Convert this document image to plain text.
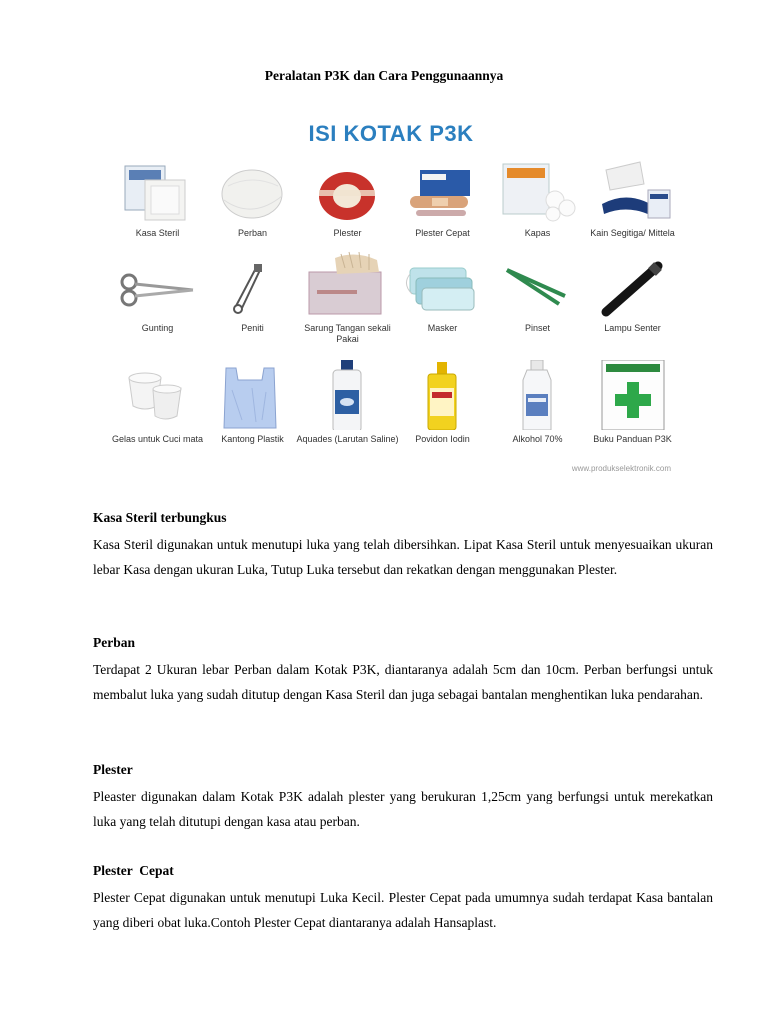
Peralatan P3K dan Cara Penggunaannya
ISI KOTAK P3K
Kasa Steril	Perban	Plester	Plester Cepat	Kapas	Kain Segitiga/ Mittela
Gunting	Peniti	Sarung Tangan sekali Pakai
Masker	Pinset	Lampu Senter
Gelas untuk Cuci mata	Kantong Plastik	Aquades (Larutan Saline)	Povidon Iodin	Alkohol 70%	Buku Panduan P3K
www.produkselektronik.com
Kasa Steril terbungkus

Kasa Steril digunakan untuk menutupi luka yang telah dibersihkan. Lipat Kasa Steril untuk menyesuaikan ukuran lebar Kasa dengan ukuran Luka, Tutup Luka tersebut dan rekatkan dengan menggunakan Plester.

Perban

Terdapat 2 Ukuran lebar Perban dalam Kotak P3K, diantaranya adalah 5cm dan 10cm. Perban berfungsi untuk membalut luka yang sudah ditutup dengan Kasa Steril dan juga sebagai bantalan menghentikan luka pendarahan.

Plester

Pleaster digunakan dalam Kotak P3K adalah plester yang berukuran 1,25cm yang berfungsi untuk merekatkan luka yang telah ditutupi dengan kasa atau perban.

Plester  Cepat

Plester Cepat digunakan untuk menutupi Luka Kecil. Plester Cepat pada umumnya sudah terdapat Kasa bantalan yang diberi obat luka.Contoh Plester Cepat diantaranya adalah Hansaplast.
